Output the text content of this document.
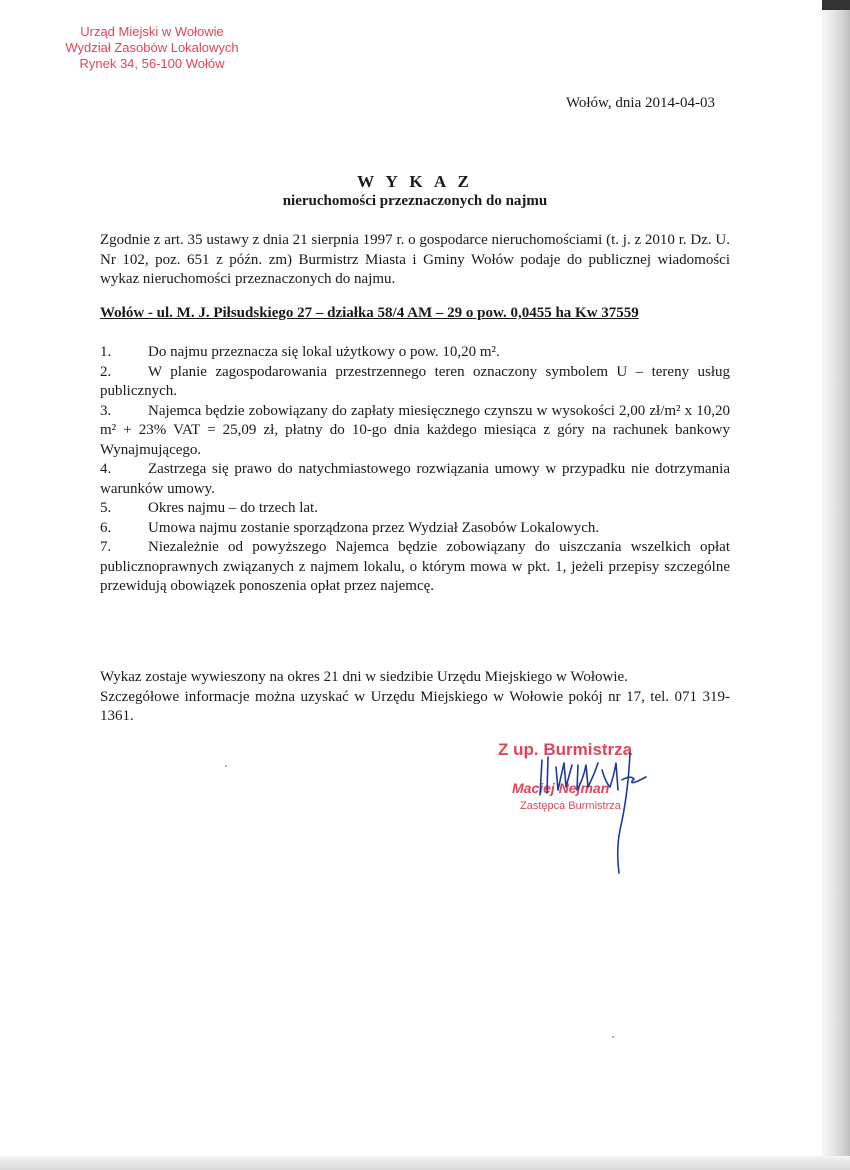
Urząd Miejski w Wołowie
Wydział Zasobów Lokalowych
Rynek 34, 56-100 Wołów
Wołów, dnia 2014-04-03
W Y K A Z
nieruchomości przeznaczonych do najmu
Zgodnie z art. 35 ustawy z dnia 21 sierpnia 1997 r. o gospodarce nieruchomościami (t. j. z 2010 r. Dz. U. Nr 102, poz. 651 z późn. zm) Burmistrz Miasta i Gminy Wołów podaje do publicznej wiadomości wykaz nieruchomości przeznaczonych do najmu.
Wołów - ul. M. J. Piłsudskiego 27 – działka 58/4 AM – 29 o pow. 0,0455 ha Kw 37559
1. Do najmu przeznacza się lokal użytkowy o pow. 10,20 m².
2. W planie zagospodarowania przestrzennego teren oznaczony symbolem U – tereny usług publicznych.
3. Najemca będzie zobowiązany do zapłaty miesięcznego czynszu w wysokości 2,00 zł/m² x 10,20 m² + 23% VAT = 25,09 zł, płatny do 10-go dnia każdego miesiąca z góry na rachunek bankowy Wynajmującego.
4. Zastrzega się prawo do natychmiastowego rozwiązania umowy w przypadku nie dotrzymania warunków umowy.
5. Okres najmu – do trzech lat.
6. Umowa najmu zostanie sporządzona przez Wydział Zasobów Lokalowych.
7. Niezależnie od powyższego Najemca będzie zobowiązany do uiszczania wszelkich opłat publicznoprawnych związanych z najmem lokalu, o którym mowa w pkt. 1, jeżeli przepisy szczególne przewidują obowiązek ponoszenia opłat przez najemcę.

Wykaz zostaje wywieszony na okres 21 dni w siedzibie Urzędu Miejskiego w Wołowie.

Szczegółowe informacje można uzyskać w Urzędu Miejskiego w Wołowie pokój nr 17, tel. 071 319-1361.

Z up. Burmistrza
Maciej Nejman
Zastępca Burmistrza
